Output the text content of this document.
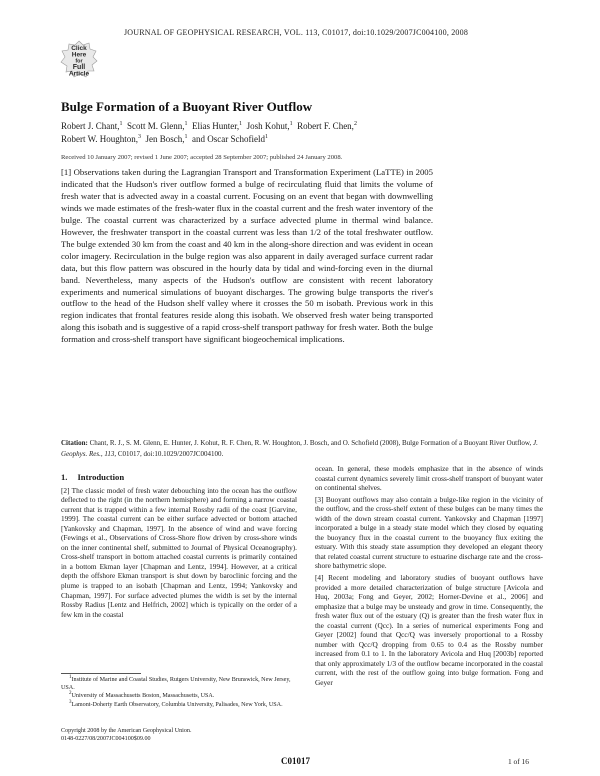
JOURNAL OF GEOPHYSICAL RESEARCH, VOL. 113, C01017, doi:10.1029/2007JC004100, 2008
Click
Here
for
Full
Article
Bulge Formation of a Buoyant River Outflow
Robert J. Chant,$^1$ Scott M. Glenn,$^1$ Elias Hunter,$^1$ Josh Kohut,$^1$ Robert F. Chen,$^2$
Robert W. Houghton,$^3$ Jen Bosch,$^1$ and Oscar Schofield$^1$
Received 10 January 2007; revised 1 June 2007; accepted 28 September 2007; published 24 January 2008.
[1] Observations taken during the Lagrangian Transport and Transformation Experiment (LaTTE) in 2005 indicated that the Hudson's river outflow formed a bulge of recirculating fluid that limits the volume of fresh water that is advected away in a coastal current. Focusing on an event that began with downwelling winds we made estimates of the fresh-water flux in the coastal current and the fresh water inventory of the bulge. The coastal current was characterized by a surface advected plume in thermal wind balance. However, the freshwater transport in the coastal current was less than 1/2 of the total freshwater outflow. The bulge extended 30 km from the coast and 40 km in the along-shore direction and was evident in ocean color imagery. Recirculation in the bulge region was also apparent in daily averaged surface current radar data, but this flow pattern was obscured in the hourly data by tidal and wind-forcing even in the diurnal band. Nevertheless, many aspects of the Hudson's outflow are consistent with recent laboratory experiments and numerical simulations of buoyant discharges. The growing bulge transports the river's outflow to the head of the Hudson shelf valley where it crosses the 50 m isobath. Previous work in this region indicates that frontal features reside along this isobath. We observed fresh water being transported along this isobath and is suggestive of a rapid cross-shelf transport pathway for fresh water. Both the bulge formation and cross-shelf transport have significant biogeochemical implications.
Citation: Chant, R. J., S. M. Glenn, E. Hunter, J. Kohut, R. F. Chen, R. W. Houghton, J. Bosch, and O. Schofield (2008), Bulge Formation of a Buoyant River Outflow, J. Geophys. Res., 113, C01017, doi:10.1029/2007JC004100.
1. Introduction

[2] The classic model of fresh water debouching into the ocean has the outflow deflected to the right (in the northern hemisphere) and forming a narrow coastal current that is trapped within a few internal Rossby radii of the coast [Garvine, 1999]. The coastal current can be either surface advected or bottom attached [Yankovsky and Chapman, 1997]. In the absence of wind and wave forcing (Fewings et al., Observations of Cross-Shore flow driven by cross-shore winds on the inner continental shelf, submitted to Journal of Physical Oceanography). Cross-shelf transport in bottom attached coastal currents is primarily contained in a bottom Ekman layer [Chapman and Lentz, 1994]. However, at a critical depth the offshore Ekman transport is shut down by baroclinic forcing and the plume is trapped to an isobath [Chapman and Lentz, 1994; Yankovsky and Chapman, 1997]. For surface advected plumes the width is set by the internal Rossby Radius [Lentz and Helfrich, 2002] which is typically on the order of a few km in the coastal

ocean. In general, these models emphasize that in the absence of winds coastal current dynamics severely limit cross-shelf transport of buoyant water on continental shelves.

[3] Buoyant outflows may also contain a bulge-like region in the vicinity of the outflow, and the cross-shelf extent of these bulges can be many times the width of the down stream coastal current. Yankovsky and Chapman [1997] incorporated a bulge in a steady state model which they closed by equating the buoyancy flux in the coastal current to the buoyancy flux exiting the estuary. With this steady state assumption they developed an elegant theory that related coastal current structure to estuarine discharge rate and the cross-shore bathymetric slope.

[4] Recent modeling and laboratory studies of buoyant outflows have provided a more detailed characterization of bulge structure [Avicola and Huq, 2003a; Fong and Geyer, 2002; Horner-Devine et al., 2006] and emphasize that a bulge may be unsteady and grow in time. Consequently, the fresh water flux out of the estuary (Q) is greater than the fresh water flux in the coastal current (Qcc). In a series of numerical experiments Fong and Geyer [2002] found that Qcc/Q was inversely proportional to a Rossby number with Qcc/Q dropping from 0.65 to 0.4 as the Rossby number increased from 0.1 to 1. In the laboratory Avicola and Huq [2003b] reported that only approximately 1/3 of the outflow became incorporated in the coastal current, with the rest of the outflow going into bulge formation. Fong and Geyer

$^1$Institute of Marine and Coastal Studies, Rutgers University, New Brunswick, New Jersey, USA.

$^2$University of Massachusetts Boston, Massachusetts, USA.

$^3$Lamont-Doherty Earth Observatory, Columbia University, Palisades, New York, USA.

Copyright 2008 by the American Geophysical Union.
0148-0227/08/2007JC004100$09.00
C01017	1 of 16
